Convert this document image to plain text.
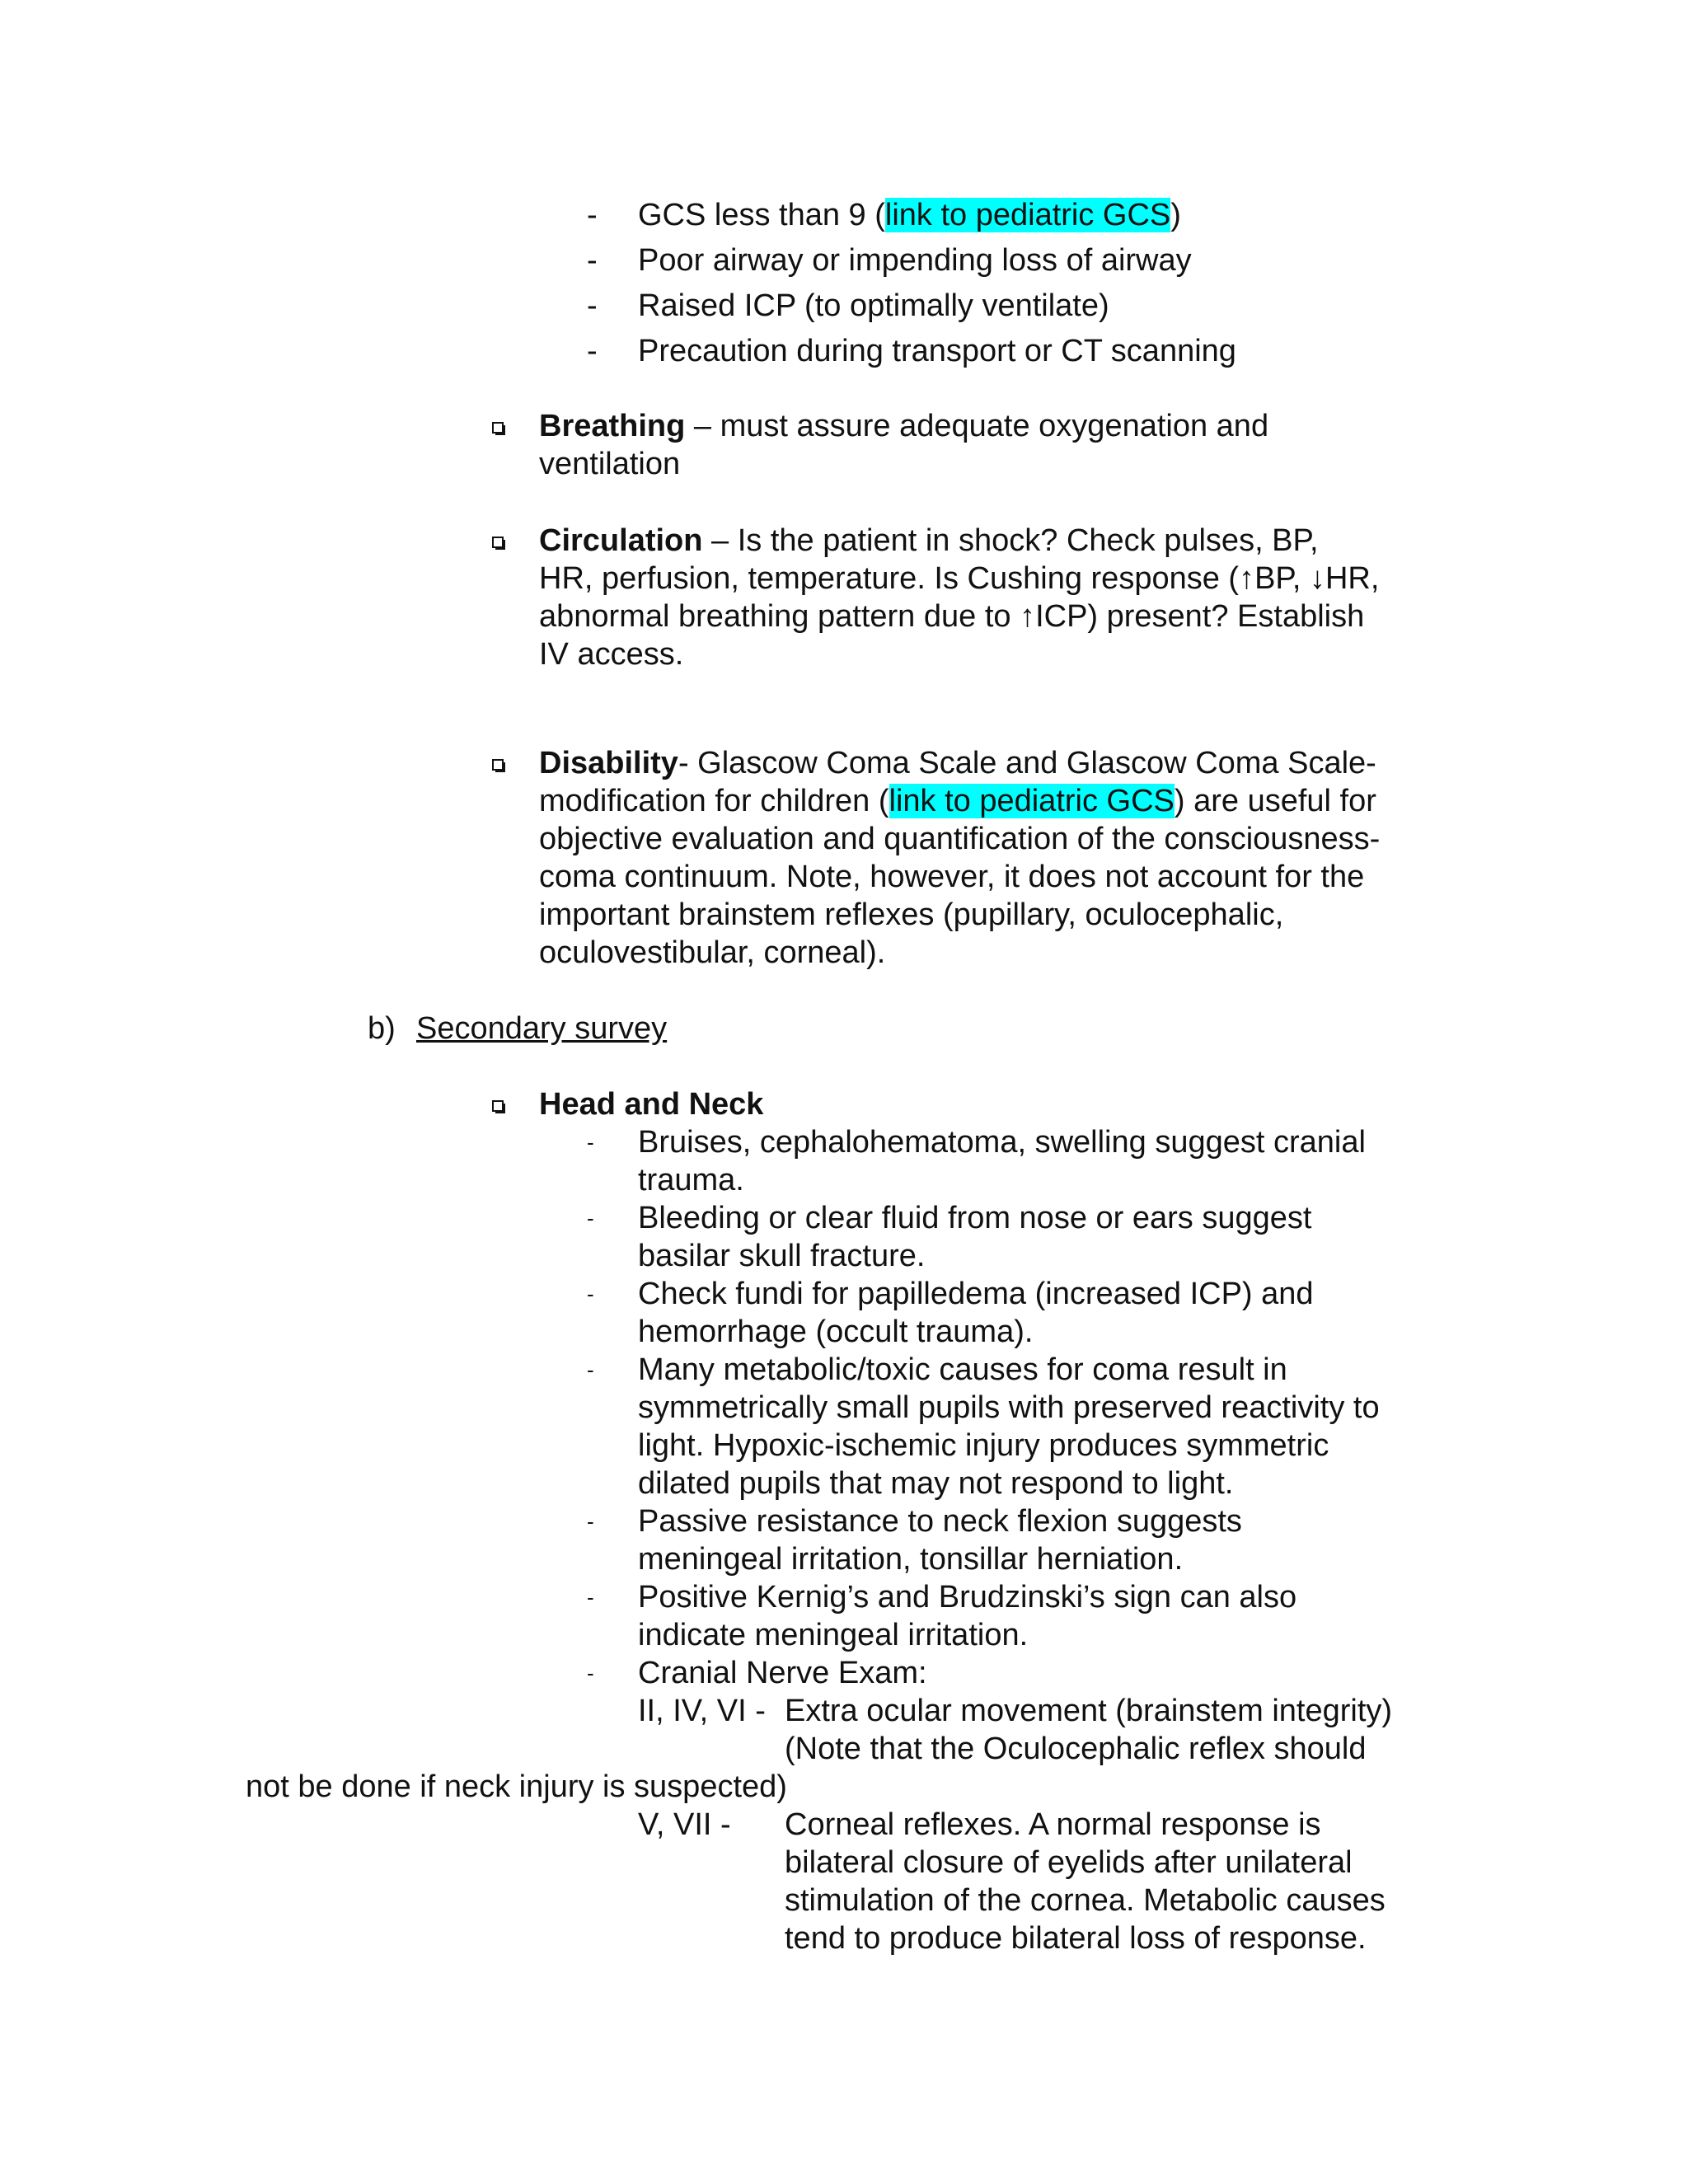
- GCS less than 9 (link to pediatric GCS)
- Poor airway or impending loss of airway
- Raised ICP (to optimally ventilate)
- Precaution during transport or CT scanning
Breathing – must assure adequate oxygenation and
ventilation
Circulation – Is the patient in shock? Check pulses, BP,
HR, perfusion, temperature. Is Cushing response (↑BP, ↓HR,
abnormal breathing pattern due to ↑ICP) present? Establish
IV access.
Disability- Glascow Coma Scale and Glascow Coma Scale-
modification for children (link to pediatric GCS) are useful for
objective evaluation and quantification of the consciousness-
coma continuum. Note, however, it does not account for the
important brainstem reflexes (pupillary, oculocephalic,
oculovestibular, corneal).
b) Secondary survey
Head and Neck
- Bruises, cephalohematoma, swelling suggest cranial
trauma.
- Bleeding or clear fluid from nose or ears suggest
basilar skull fracture.
- Check fundi for papilledema (increased ICP) and
hemorrhage (occult trauma).
- Many metabolic/toxic causes for coma result in
symmetrically small pupils with preserved reactivity to
light. Hypoxic-ischemic injury produces symmetric
dilated pupils that may not respond to light.
- Passive resistance to neck flexion suggests
meningeal irritation, tonsillar herniation.
- Positive Kernig’s and Brudzinski’s sign can also
indicate meningeal irritation.
- Cranial Nerve Exam:
II, IV, VI - Extra ocular movement (brainstem integrity)
(Note that the Oculocephalic reflex should
not be done if neck injury is suspected)
V, VII - Corneal reflexes. A normal response is
bilateral closure of eyelids after unilateral
stimulation of the cornea. Metabolic causes
tend to produce bilateral loss of response.
